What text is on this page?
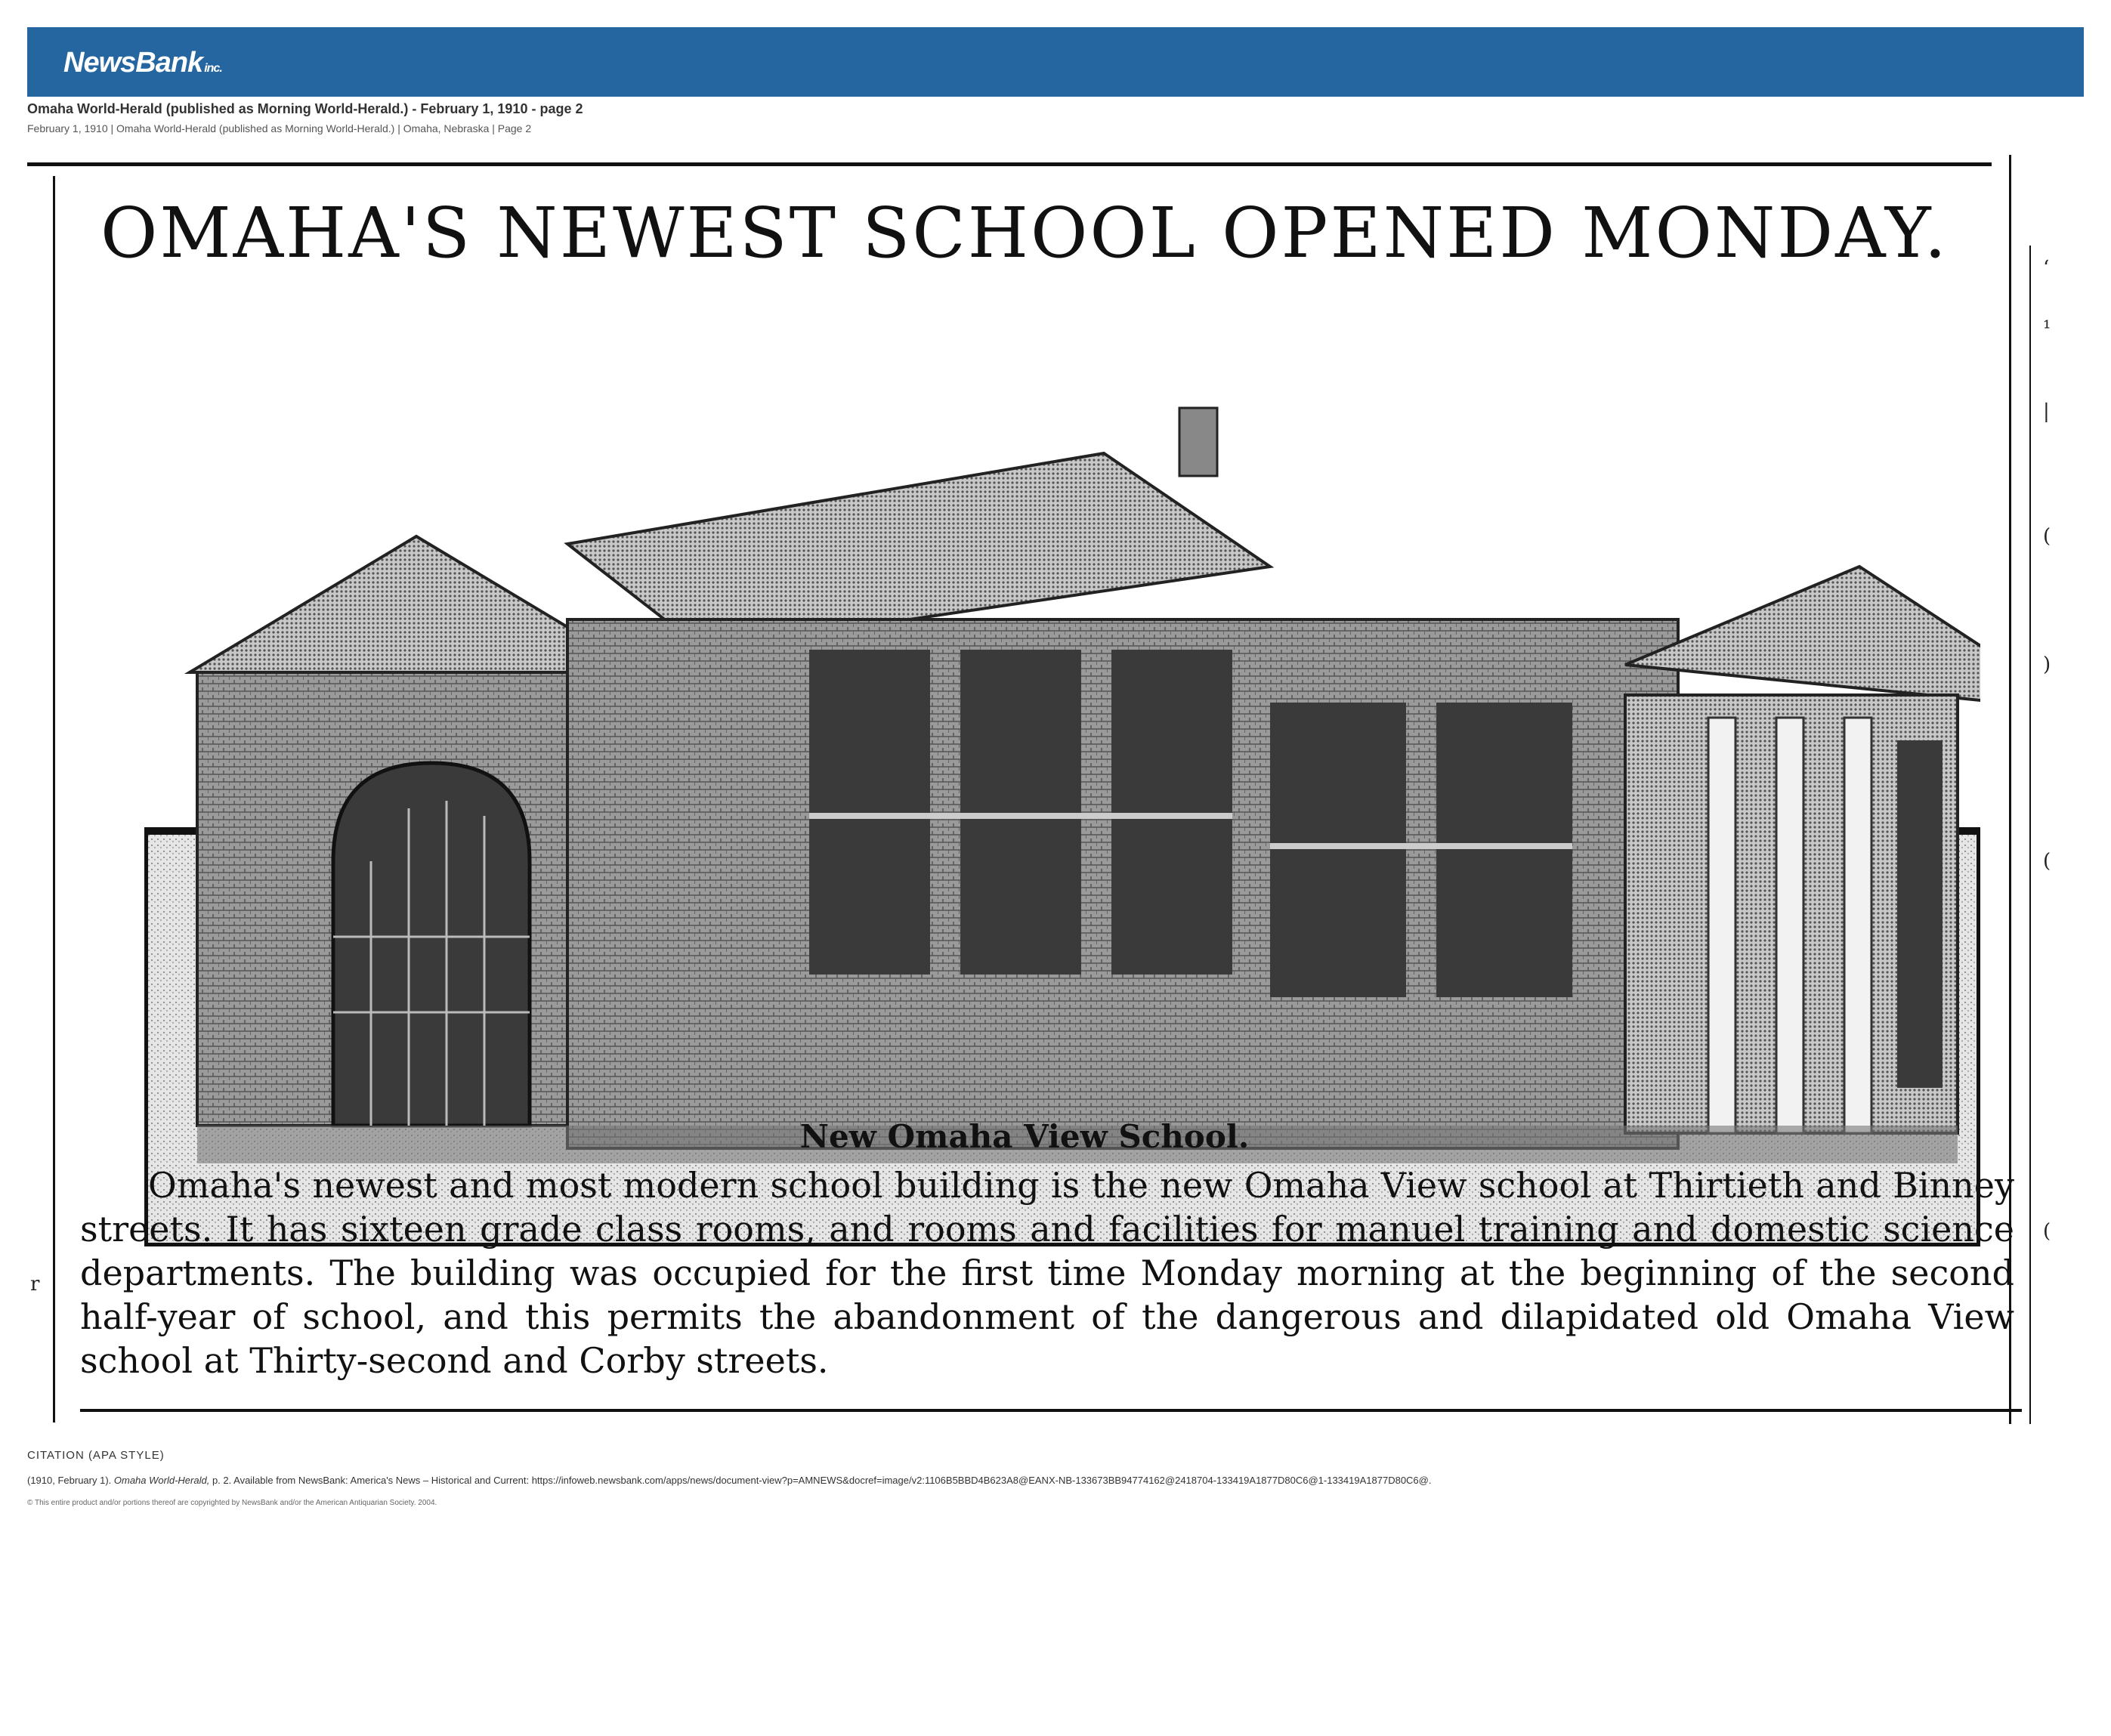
NewsBank inc.
Omaha World-Herald (published as Morning World-Herald.) - February 1, 1910 - page 2
February 1, 1910 | Omaha World-Herald (published as Morning World-Herald.) | Omaha, Nebraska | Page 2
OMAHA'S NEWEST SCHOOL OPENED MONDAY.
New Omaha View School.
Omaha's newest and most modern school building is the new Omaha View school at Thirtieth and Binney streets. It has sixteen grade class rooms, and rooms and facilities for manuel training and domestic science departments. The building was occupied for the first time Monday morning at the beginning of the second half-year of school, and this permits the abandonment of the dangerous and dilapidated old Omaha View school at Thirty-second and Corby streets.
‘
¹
|
(
)
(
(
r
CITATION (APA STYLE)
(1910, February 1). Omaha World-Herald, p. 2. Available from NewsBank: America's News – Historical and Current: https://infoweb.newsbank.com/apps/news/document-view?p=AMNEWS&docref=image/v2:1106B5BBD4B623A8@EANX-NB-133673BB94774162@2418704-133419A1877D80C6@1-133419A1877D80C6@.
© This entire product and/or portions thereof are copyrighted by NewsBank and/or the American Antiquarian Society. 2004.
